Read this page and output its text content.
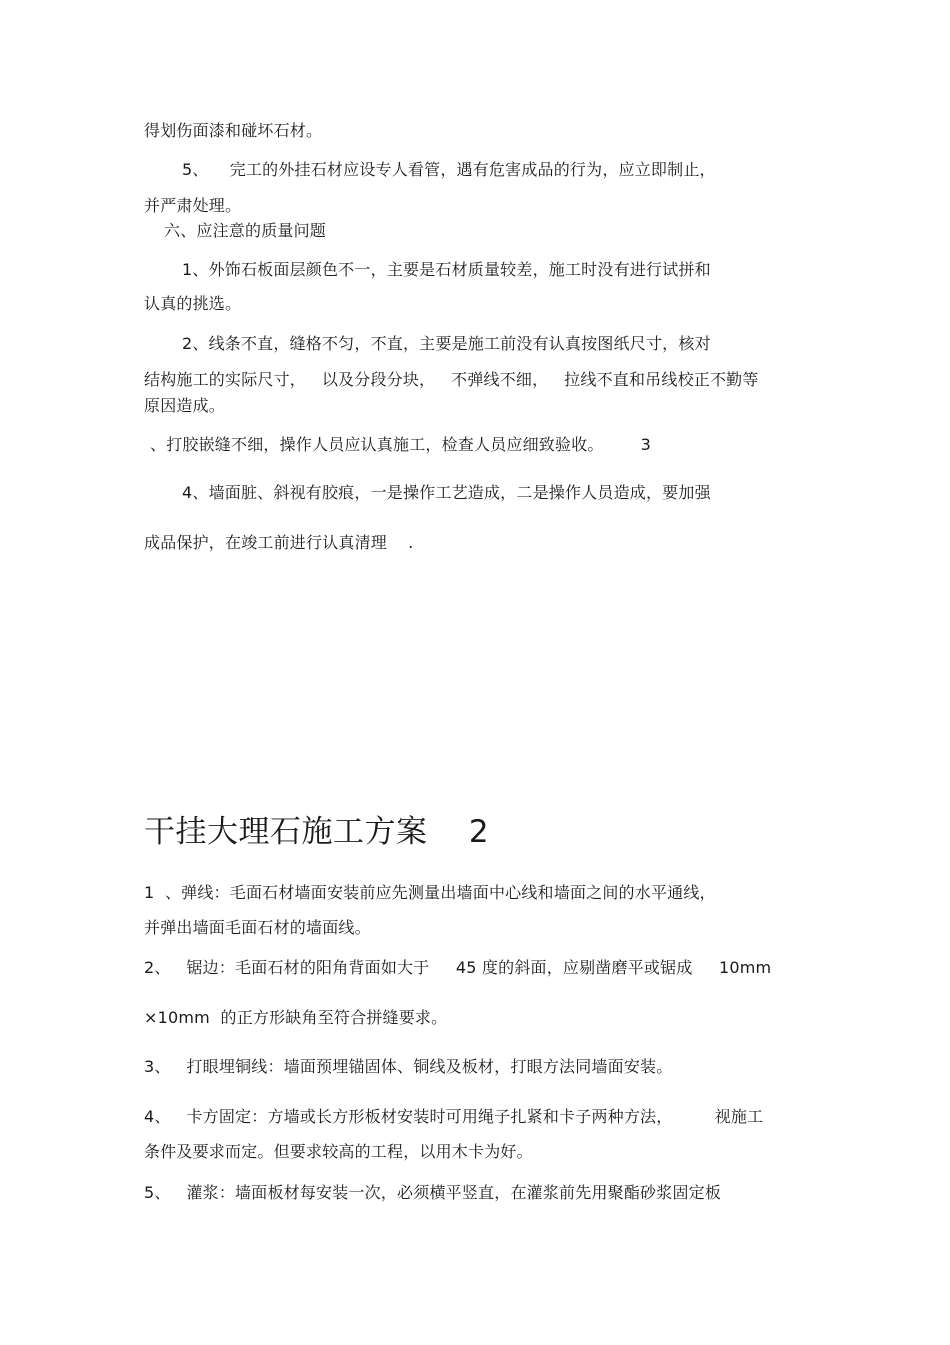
得划伤面漆和碰坏石材。
5、    完工的外挂石材应设专人看管，遇有危害成品的行为，应立即制止，
并严肃处理。
六、应注意的质量问题
1、外饰石板面层颜色不一，主要是石材质量较差，施工时没有进行试拼和
认真的挑选。
2、线条不直，缝格不匀，不直，主要是施工前没有认真按图纸尺寸，核对
结构施工的实际尺寸，   以及分段分块，   不弹线不细，   拉线不直和吊线校正不勤等
原因造成。
、打胶嵌缝不细，操作人员应认真施工，检查人员应细致验收。       3
4、墙面脏、斜视有胶痕，一是操作工艺造成，二是操作人员造成，要加强
成品保护，在竣工前进行认真清理    .
干挂大理石施工方案    2
1  、弹线：毛面石材墙面安装前应先测量出墙面中心线和墙面之间的水平通线，
并弹出墙面毛面石材的墙面线。
2、   锯边：毛面石材的阳角背面如大于     45 度的斜面，应剔凿磨平或锯成     10mm
×10mm  的正方形缺角至符合拼缝要求。
3、   打眼埋铜线：墙面预埋锚固体、铜线及板材，打眼方法同墙面安装。
4、   卡方固定：方墙或长方形板材安装时可用绳子扎紧和卡子两种方法，        视施工
条件及要求而定。但要求较高的工程，以用木卡为好。
5、   灌浆：墙面板材每安装一次，必须横平竖直，在灌浆前先用聚酯砂浆固定板
